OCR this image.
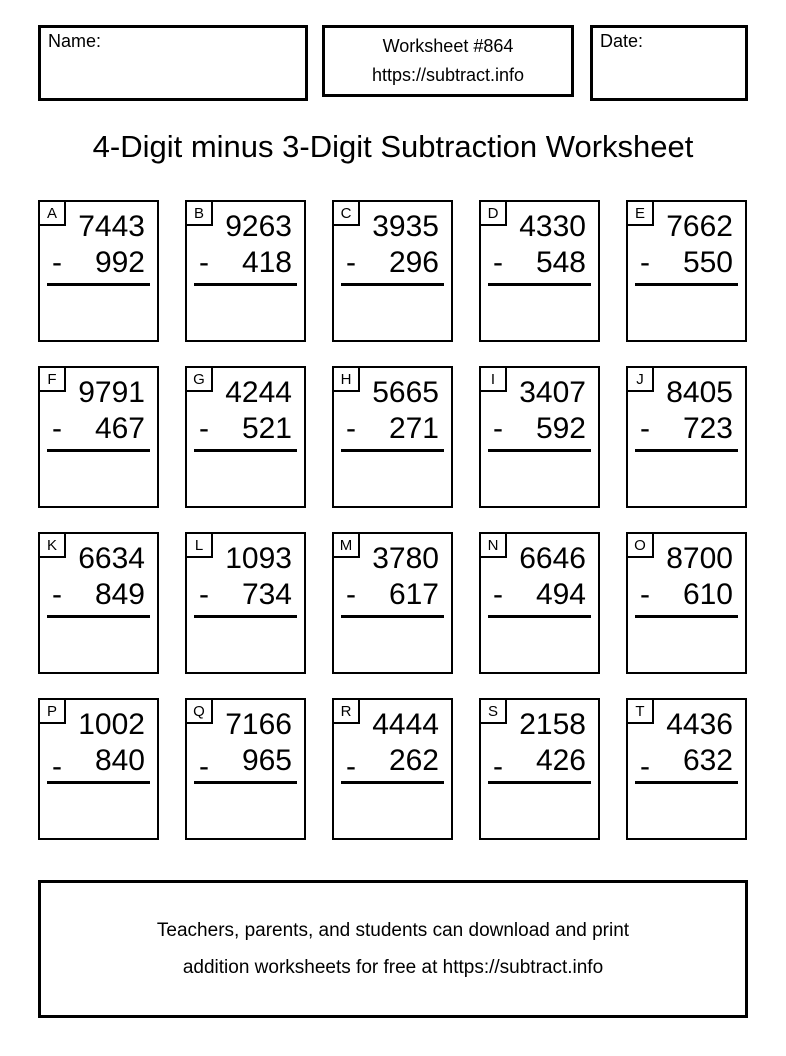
Name:	Worksheet #864
https://subtract.info
Date:
4-Digit minus 3-Digit Subtraction Worksheet
A 7443
- 992
B 9263
- 418
C 3935
- 296
D 4330
- 548
E 7662
- 550
F 9791
- 467
G 4244
- 521
H 5665
- 271
I 3407
- 592
J 8405
- 723
K 6634
- 849
L 1093
- 734
M 3780
- 617
N 6646
- 494
O 8700
- 610
P 1002
- 840
Q 7166
- 965
R 4444
- 262
S 2158
- 426
T 4436
- 632
Teachers, parents, and students can download and print
addition worksheets for free at https://subtract.info
